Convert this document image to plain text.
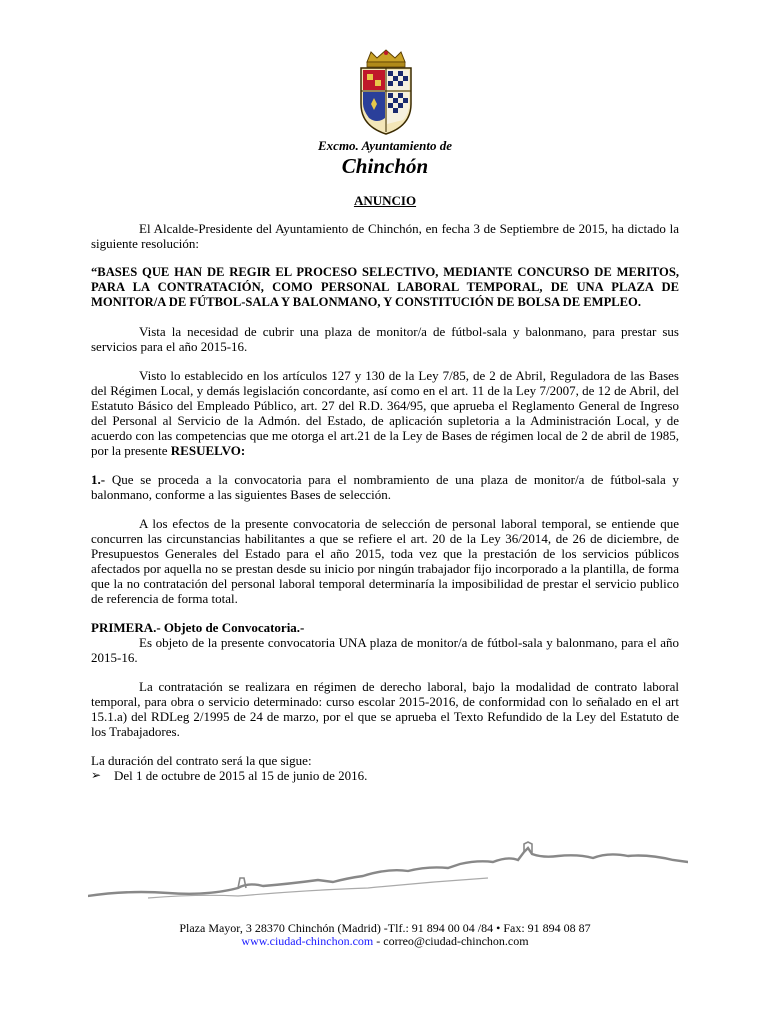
Excmo. Ayuntamiento de
Chinchón
ANUNCIO

El Alcalde-Presidente del Ayuntamiento de Chinchón, en fecha 3 de Septiembre de 2015, ha dictado la siguiente resolución:

“BASES QUE HAN DE REGIR EL PROCESO SELECTIVO, MEDIANTE CONCURSO DE MERITOS, PARA LA CONTRATACIÓN, COMO PERSONAL LABORAL TEMPORAL, DE UNA PLAZA DE MONITOR/A DE FÚTBOL-SALA Y BALONMANO, Y CONSTITUCIÓN DE BOLSA DE EMPLEO.

Vista la necesidad de cubrir una plaza de monitor/a de fútbol-sala y balonmano, para prestar sus servicios para el año 2015-16.

Visto lo establecido en los artículos 127 y 130 de la Ley 7/85, de 2 de Abril, Reguladora de las Bases del Régimen Local, y demás legislación concordante, así como en el art. 11 de la Ley 7/2007, de 12 de Abril, del Estatuto Básico del Empleado Público, art. 27 del R.D. 364/95, que aprueba el Reglamento General de Ingreso del Personal al Servicio de la Admón. del Estado, de aplicación supletoria a la Administración Local, y de acuerdo con las competencias que me otorga el art.21 de la Ley de Bases de régimen local de 2 de abril de 1985, por la presente RESUELVO:

1.- Que se proceda a la convocatoria para el nombramiento de una plaza de monitor/a de fútbol-sala y balonmano, conforme a las siguientes Bases de selección.

A los efectos de la presente convocatoria de selección de personal laboral temporal, se entiende que concurren las circunstancias habilitantes a que se refiere el art. 20 de la Ley 36/2014, de 26 de diciembre, de Presupuestos Generales del Estado para el año 2015, toda vez que la prestación de los servicios públicos afectados por aquella no se prestan desde su inicio por ningún trabajador fijo incorporado a la plantilla, de forma que la no contratación del personal laboral temporal determinaría la imposibilidad de prestar el servicio publico de referencia de forma total.

PRIMERA.- Objeto de Convocatoria.-

Es objeto de la presente convocatoria UNA plaza de monitor/a de fútbol-sala y balonmano, para el año 2015-16.

La contratación se realizara en régimen de derecho laboral, bajo la modalidad de contrato laboral temporal, para obra o servicio determinado: curso escolar 2015-2016, de conformidad con lo señalado en el art 15.1.a) del RDLeg 2/1995 de 24 de marzo, por el que se aprueba el Texto Refundido de la Ley del Estatuto de los Trabajadores.

La duración del contrato será la que sigue:

➢ Del 1 de octubre de 2015 al 15 de junio de 2016.
Plaza Mayor, 3 28370 Chinchón (Madrid) -Tlf.: 91 894 00 04 /84 • Fax: 91 894 08 87
www.ciudad-chinchon.com - correo@ciudad-chinchon.com
